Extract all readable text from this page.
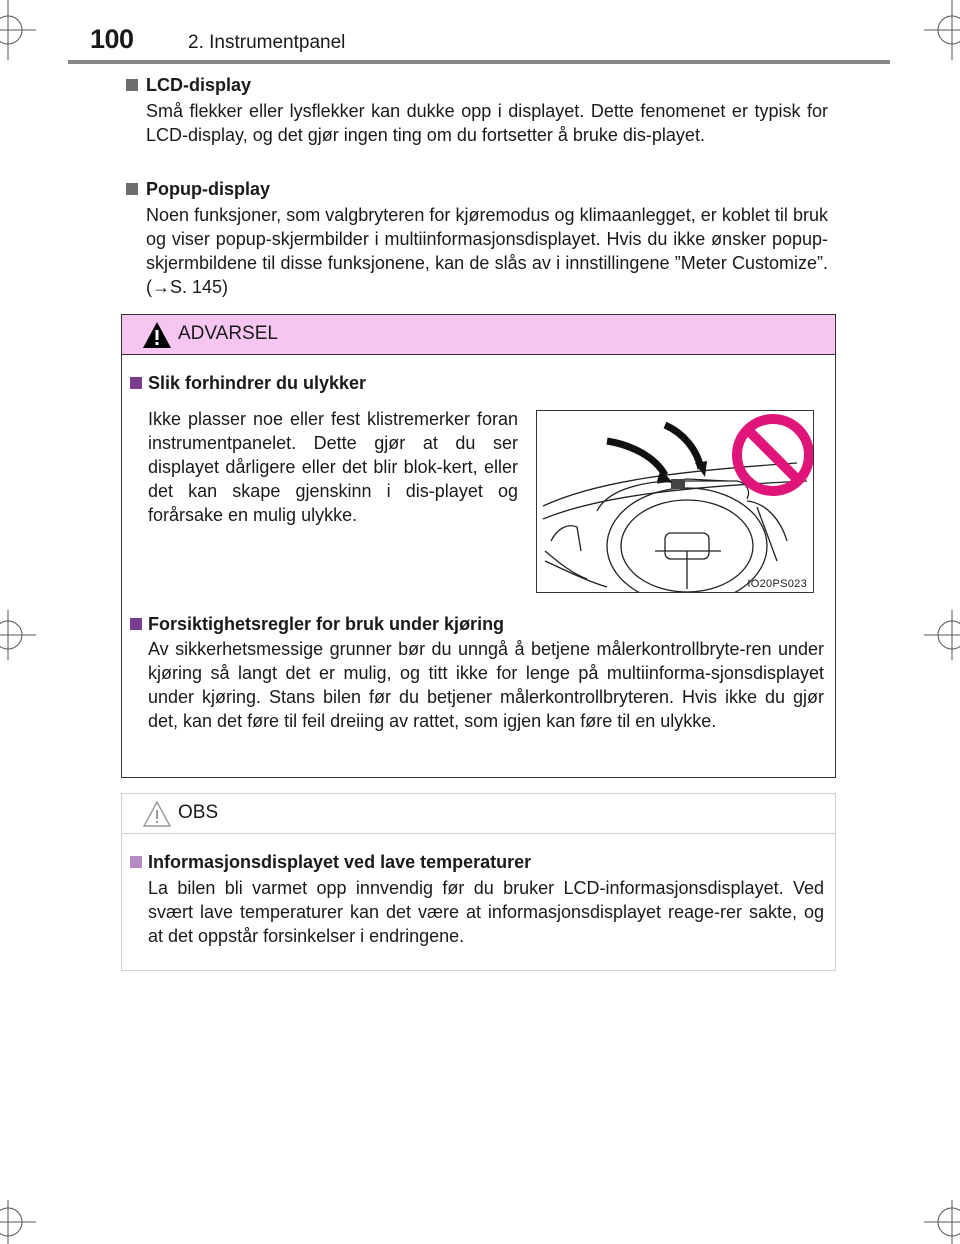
100	2. Instrumentpanel
LCD-display
Små flekker eller lysflekker kan dukke opp i displayet. Dette fenomenet er typisk for LCD-display, og det gjør ingen ting om du fortsetter å bruke dis-playet.
Popup-display
Noen funksjoner, som valgbryteren for kjøremodus og klimaanlegget, er koblet til bruk og viser popup-skjermbilder i multiinformasjonsdisplayet. Hvis du ikke ønsker popup-skjermbildene til disse funksjonene, kan de slås av i innstillingene ”Meter Customize”. (→S. 145)
ADVARSEL
Slik forhindrer du ulykker
Ikke plasser noe eller fest klistremerker foran instrumentpanelet. Dette gjør at du ser displayet dårligere eller det blir blok-kert, eller det kan skape gjenskinn i dis-playet og forårsake en mulig ulykke.
IO20PS023
Forsiktighetsregler for bruk under kjøring
Av sikkerhetsmessige grunner bør du unngå å betjene målerkontrollbryte-ren under kjøring så langt det er mulig, og titt ikke for lenge på multiinforma-sjonsdisplayet under kjøring. Stans bilen før du betjener målerkontrollbryteren. Hvis ikke du gjør det, kan det føre til feil dreiing av rattet, som igjen kan føre til en ulykke.
OBS
Informasjonsdisplayet ved lave temperaturer
La bilen bli varmet opp innvendig før du bruker LCD-informasjonsdisplayet. Ved svært lave temperaturer kan det være at informasjonsdisplayet reage-rer sakte, og at det oppstår forsinkelser i endringene.
